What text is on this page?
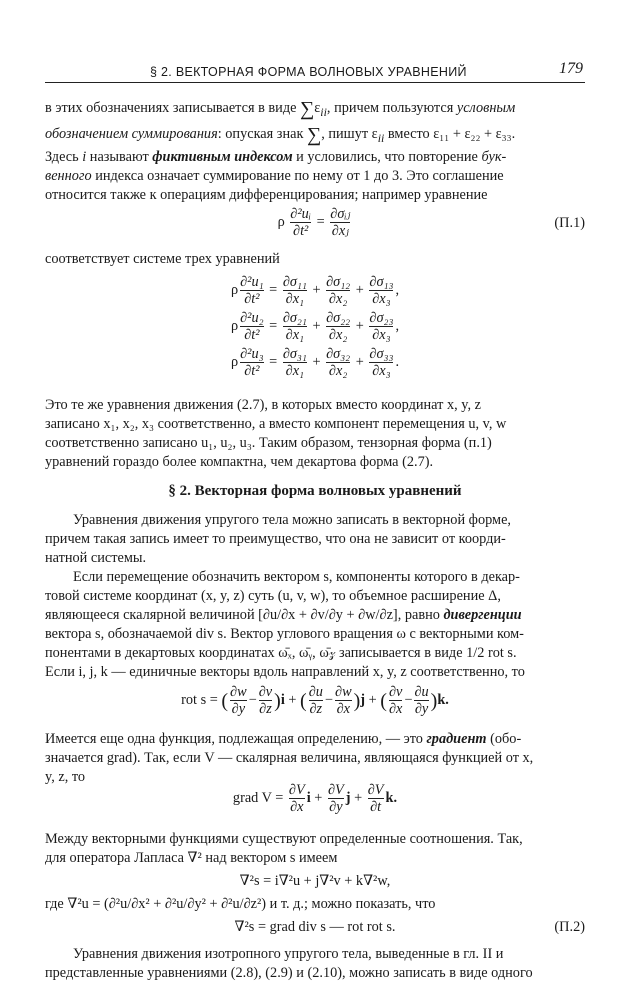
§ 2. ВЕКТОРНАЯ ФОРМА ВОЛНОВЫХ УРАВНЕНИЙ	179
в этих обозначениях записывается в виде $\sum\varepsilon_{ii}$, причем пользуются условным
обозначением суммирования: опуская знак ∑, пишут $\varepsilon_{ii}$ вместо ε₁₁ + ε₂₂ + ε₃₃.
Здесь i называют фиктивным индексом и условились, что повторение бук-
венного индекса означает суммирование по нему от 1 до 3. Это соглашение
относится также к операциям дифференцирования; например уравнение
ρ $\frac{\text{∂²uᵢ}}{\text{∂t²}}$ = ∂σᵢⱼ
∂xⱼ	(П.1)
соответствует системе трех уравнений
ρ $\frac{\text{∂²u₁}}{\text{∂t²}} = \frac{\text{∂σ₁₁}}{\text{∂x₁}} + \frac{\text{∂σ₁₂}}{\text{∂x₂}} + \frac{\text{∂σ₁₃}}{\text{∂x₃}}$ ,
ρ $\frac{\text{∂²u₂}}{\text{∂t²}} = \frac{\text{∂σ₂₁}}{\text{∂x₁}} + \frac{\text{∂σ₂₂}}{\text{∂x₂}} + \frac{\text{∂σ₂₃}}{\text{∂x₃}}$ ,
ρ $\frac{\text{∂²u₃}}{\text{∂t²}} = \frac{\text{∂σ₃₁}}{\text{∂x₁}} + \frac{\text{∂σ₃₂}}{\text{∂x₂}} + \frac{\text{∂σ₃₃}}{\text{∂x₃}}$ .
Это те же уравнения движения (2.7), в которых вместо координат x, y, z
записано x₁, x₂, x₃ соответственно, а вместо компонент перемещения u, v, w
соответственно записано u₁, u₂, u₃. Таким образом, тензорная форма (п.1)
уравнений гораздо более компактна, чем декартова форма (2.7).
§ 2. Векторная форма волновых уравнений
Уравнения движения упругого тела можно записать в векторной форме,
причем такая запись имеет то преимущество, что она не зависит от коорди-
натной системы.
Если перемещение обозначить вектором s, компоненты которого в декар-
товой системе координат (x, y, z) суть (u, v, w), то объемное расширение Δ,
являющееся скалярной величиной [∂u/∂x + ∂v/∂y + ∂w/∂z], равно дивергенции
вектора s, обозначаемой div s. Вектор углового вращения ω с векторными ком-
понентами в декартовых координатах ω̄ₓ, ω̄ᵧ, ω̄𝓏 записывается в виде 1/2 rot s.
Если i, j, k — единичные векторы вдоль направлений x, y, z соответственно, то
rot s = ( $\frac{\partial w}{\partial y} - \frac{\partial v}{\partial z} )i$ + ( $\frac{\partial u}{\partial z} - \frac{\partial w}{\partial x} )j$ + ( $\frac{\partial v}{\partial x} - \frac{\partial u}{\partial y} )k$.
Имеется еще одна функция, подлежащая определению, — это градиент (обо-
значается grad). Так, если V — скалярная величина, являющаяся функцией от x,
y, z, то
grad $V = \frac{\partial V}{\partial x}$ $i + \frac{\partial V}{\partial y}$ $j + \frac{\partial V}{\partial t} k$.
Между векторными функциями существуют определенные соотношения. Так,
для оператора Лапласа ∇² над вектором s имеем
∇²s = i∇²u + j∇²v + k∇²w,
где ∇²u = (∂²u/∂x² + ∂²u/∂y² + ∂²u/∂z²) и т. д.; можно показать, что
∇²s = grad div s — rot rot s.	(П.2)
Уравнения движения изотропного упругого тела, выведенные в гл. II и
представленные уравнениями (2.8), (2.9) и (2.10), можно записать в виде одного
